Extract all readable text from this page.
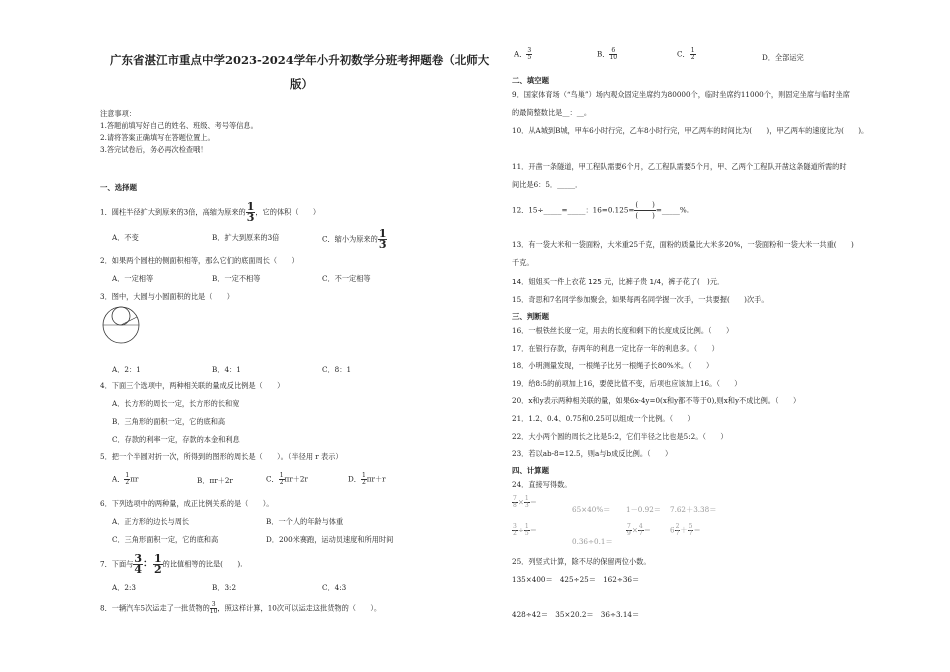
广东省湛江市重点中学2023-2024学年小升初数学分班考押题卷（北师大
版）
注意事项：
1.答题前填写好自己的姓名、班级、考号等信息。
2.请将答案正确填写在答题位置上。
3.答完试卷后，务必再次检查哦！
一、选择题
1．圆柱半径扩大到原来的3倍，高缩为原来的 $\frac{1}{3}$ ，它的体积（　　）
A．不变	B．扩大到原来的3倍	C．缩小为原来的 $\frac{1}{3}$
2．如果两个圆柱的侧面积相等，那么它们的底面周长（　　）
A．一定相等	B．一定不相等	C．不一定相等
3．图中，大圆与小圆面积的比是（　　）
A．2：1	B．4：1	C．8：1
4．下面三个选项中，两种相关联的量成反比例是（　　）
A．长方形的周长一定，长方形的长和宽
B．三角形的面积一定，它的底和高
C．存款的利率一定，存款的本金和利息
5．把一个半圆对折一次，所得到的图形的周长是（　　）。（半径用 r 表示）
A． $\frac{1}{2}$ πr	B．πr＋2r	C． $\frac{1}{2} \pi r+2r$	D． $\frac{1}{2} \pi r+r$
6．下列选项中的两种量，成正比例关系的是（　　）。
A．正方形的边长与周长	B．一个人的年龄与体重
C．三角形面积一定，它的底和高	D．200米赛跑，运动员速度和所用时间
7．下面与 $\frac{3}{4}$ ： $\frac{1}{2}$ 的比值相等的比是(　　).
A．2:3	B．3:2	C．4:3
8．一辆汽车5次运走了一批货物的 $\frac{3}{10}$ ，照这样计算，10次可以运走这批货物的（　　）。
A． $\frac{3}{5}$	B． $\frac{6}{10}$	C． $\frac{1}{2}$	D．全部运完
二、填空题
9．国家体育场（“鸟巢”）场内观众固定坐席约为80000个，临时坐席约11000个，则固定坐席与临时坐席
的最简整数比是__：__。
10．从A城到B城，甲车6小时行完，乙车8小时行完，甲乙两车的时间比为(　　)，甲乙两车的速度比为(　　)。
11．开凿一条隧道，甲工程队需要6个月，乙工程队需要5个月，甲、乙两个工程队开凿这条隧道所需的时
间比是6：5．_____．
12．15÷_____=_____：$16=0.125= \frac{( )}{( )}$ =_____%.
13．有一袋大米和一袋面粉，大米重25千克，面粉的质量比大米多20%，一袋面粉和一袋大米一共重(　　)
千克。
14．姐姐买一件上衣花 125 元，比裤子贵 1/4，裤子花了(　)元．
15．奇思和7名同学参加聚会，如果每两名同学握一次手，一共要握(　　)次手。
三、判断题
16．一根铁丝长度一定，用去的长度和剩下的长度成反比例。（　　）
17．在银行存款，存两年的利息一定比存一年的利息多。（　　）
18．小明测量发现，一根绳子比另一根绳子长80%米。（　　）
19．给8:5的前项加上16，要使比值不变，后项也应该加上16。（　　）
20．x和y表示两种相关联的量，如果6x-4y=0(x和y都不等于0),则x和y不成比例。（　　）
21．1.2、0.4、0.75和0.25可以组成一个比例。（　　）
22．大小两个圆的周长之比是5:2，它们半径之比也是5:2。（　　）
23．若以ab-8=12.5，则a与b成反比例。（　　）
四、计算题
24．直接写得数。
$\frac{7}{8} \times \frac{1}{3}$ ＝
65×40%＝ 1－0.92＝ 7.62＋3.38＝
$\frac{3}{2} \div \frac{1}{5}$ ＝
0.36÷0.1＝
$\frac{7}{9} \times \frac{4}{7}$ ＝	$6 \frac{2}{7} + \frac{5}{7}$ ＝
25．列竖式计算，除不尽的保留两位小数。
135×400＝　425÷25＝　162÷36＝
428÷42＝　35×20.2＝　36÷3.14＝
